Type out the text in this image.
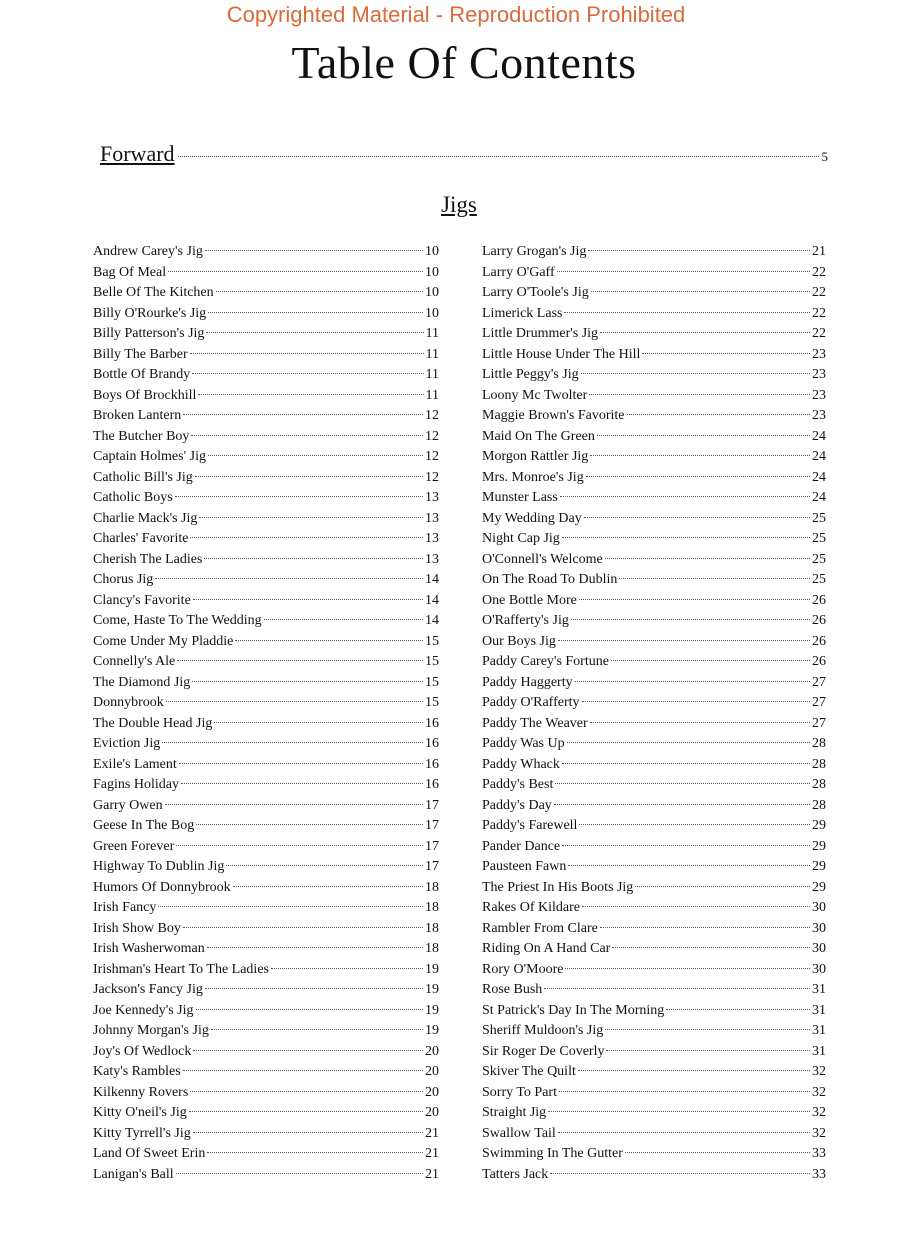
Copyrighted Material - Reproduction Prohibited
Table Of Contents
Forward	5
Jigs
Andrew Carey's Jig	10
Bag Of Meal	10
Belle Of The Kitchen	10
Billy O'Rourke's Jig	10
Billy Patterson's Jig	11
Billy The Barber	11
Bottle Of Brandy	11
Boys Of Brockhill	11
Broken Lantern	12
The Butcher Boy	12
Captain Holmes' Jig	12
Catholic Bill's Jig	12
Catholic Boys	13
Charlie Mack's Jig	13
Charles' Favorite	13
Cherish The Ladies	13
Chorus Jig	14
Clancy's Favorite	14
Come, Haste To The Wedding	14
Come Under My Pladdie	15
Connelly's Ale	15
The Diamond Jig	15
Donnybrook	15
The Double Head Jig	16
Eviction Jig	16
Exile's Lament	16
Fagins Holiday	16
Garry Owen	17
Geese In The Bog	17
Green Forever	17
Highway To Dublin Jig	17
Humors Of Donnybrook	18
Irish Fancy	18
Irish Show Boy	18
Irish Washerwoman	18
Irishman's Heart To The Ladies	19
Jackson's Fancy Jig	19
Joe Kennedy's Jig	19
Johnny Morgan's Jig	19
Joy's Of Wedlock	20
Katy's Rambles	20
Kilkenny Rovers	20
Kitty O'neil's Jig	20
Kitty Tyrrell's Jig	21
Land Of Sweet Erin	21
Lanigan's Ball	21
Larry Grogan's Jig	21
Larry O'Gaff	22
Larry O'Toole's Jig	22
Limerick Lass	22
Little Drummer's Jig	22
Little House Under The Hill	23
Little Peggy's Jig	23
Loony Mc Twolter	23
Maggie Brown's Favorite	23
Maid On The Green	24
Morgon Rattler Jig	24
Mrs. Monroe's Jig	24
Munster Lass	24
My Wedding Day	25
Night Cap Jig	25
O'Connell's Welcome	25
On The Road To Dublin	25
One Bottle More	26
O'Rafferty's Jig	26
Our Boys Jig	26
Paddy Carey's Fortune	26
Paddy Haggerty	27
Paddy O'Rafferty	27
Paddy The Weaver	27
Paddy Was Up	28
Paddy Whack	28
Paddy's Best	28
Paddy's Day	28
Paddy's Farewell	29
Pander Dance	29
Pausteen Fawn	29
The Priest In His Boots Jig	29
Rakes Of Kildare	30
Rambler From Clare	30
Riding On A Hand Car	30
Rory O'Moore	30
Rose Bush	31
St Patrick's Day In The Morning	31
Sheriff Muldoon's Jig	31
Sir Roger De Coverly	31
Skiver The Quilt	32
Sorry To Part	32
Straight Jig	32
Swallow Tail	32
Swimming In The Gutter	33
Tatters Jack	33
